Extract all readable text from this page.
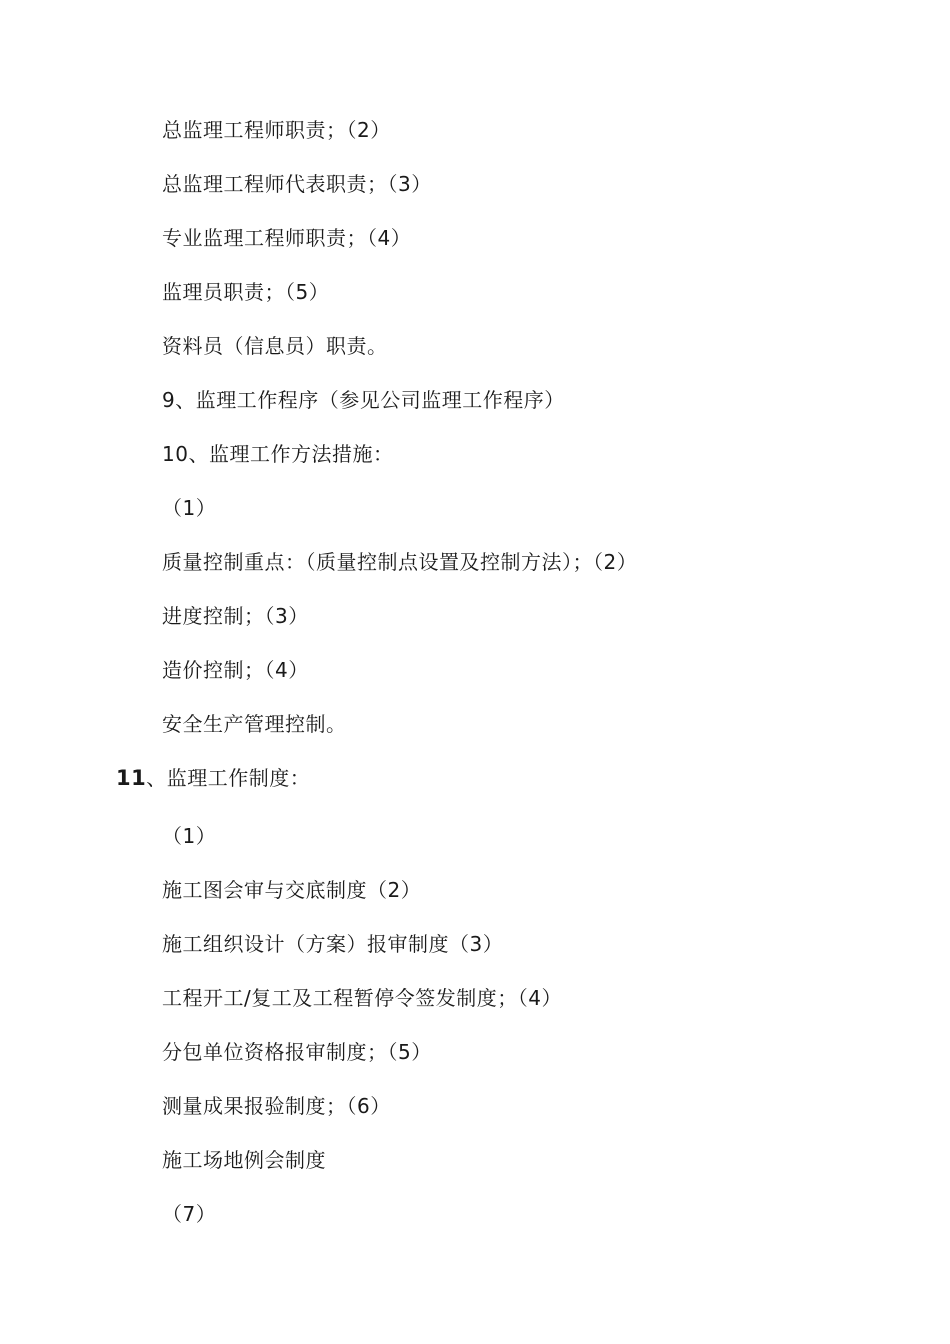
总监理工程师职责；（2）
总监理工程师代表职责；（3）
专业监理工程师职责；（4）
监理员职责；（5）
资料员（信息员）职责。
9、监理工作程序（参见公司监理工作程序）
10、监理工作方法措施：
（1）
质量控制重点：（质量控制点设置及控制方法）；（2）
进度控制；（3）
造价控制；（4）
安全生产管理控制。
11、监理工作制度：
（1）
施工图会审与交底制度（2）
施工组织设计（方案）报审制度（3）
工程开工/复工及工程暂停令签发制度；（4）
分包单位资格报审制度；（5）
测量成果报验制度；（6）
施工场地例会制度
（7）
